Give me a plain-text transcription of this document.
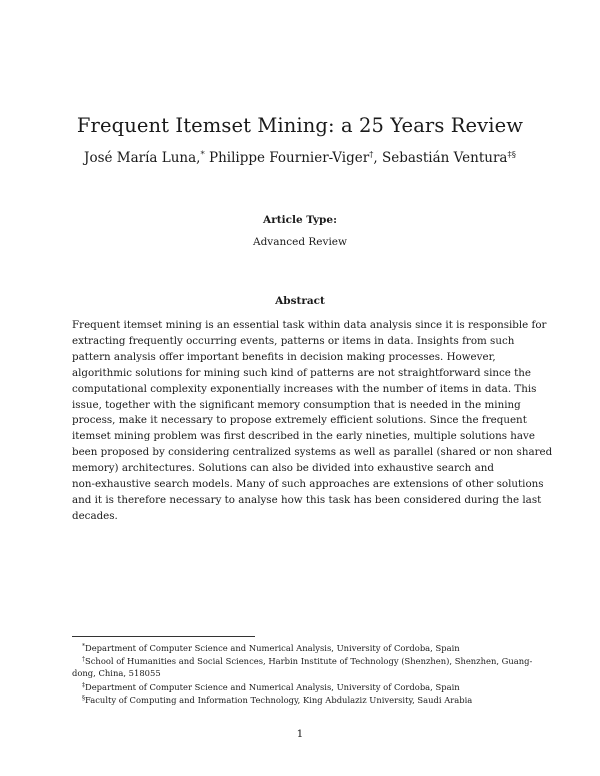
Frequent Itemset Mining: a 25 Years Review
José María Luna,* Philippe Fournier-Viger†, Sebastián Ventura‡§
Article Type:
Advanced Review
Abstract
Frequent itemset mining is an essential task within data analysis since it is responsible for
extracting frequently occurring events, patterns or items in data. Insights from such
pattern analysis offer important benefits in decision making processes. However,
algorithmic solutions for mining such kind of patterns are not straightforward since the
computational complexity exponentially increases with the number of items in data. This
issue, together with the significant memory consumption that is needed in the mining
process, make it necessary to propose extremely efficient solutions. Since the frequent
itemset mining problem was first described in the early nineties, multiple solutions have
been proposed by considering centralized systems as well as parallel (shared or non shared
memory) architectures. Solutions can also be divided into exhaustive search and
non-exhaustive search models. Many of such approaches are extensions of other solutions
and it is therefore necessary to analyse how this task has been considered during the last
decades.
*Department of Computer Science and Numerical Analysis, University of Cordoba, Spain
†School of Humanities and Social Sciences, Harbin Institute of Technology (Shenzhen), Shenzhen, Guang-
dong, China, 518055
‡Department of Computer Science and Numerical Analysis, University of Cordoba, Spain
§Faculty of Computing and Information Technology, King Abdulaziz University, Saudi Arabia
1
